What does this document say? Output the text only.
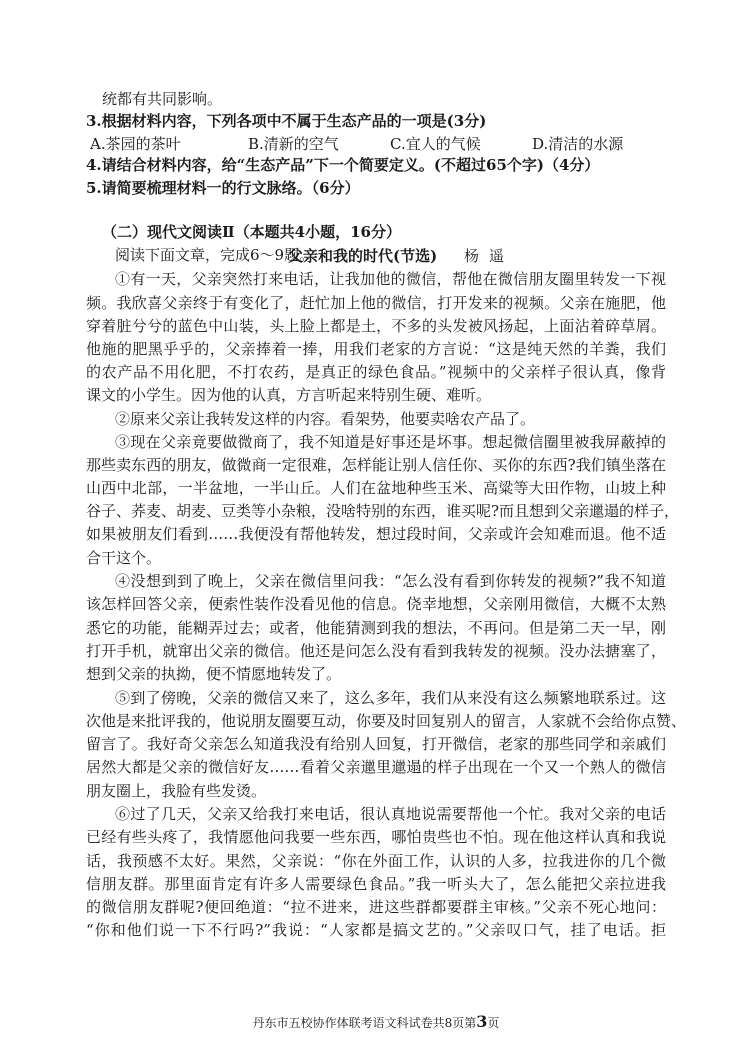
统都有共同影响。
3.根据材料内容，下列各项中不属于生态产品的一项是(3分)
A.茶园的茶叶	B.清新的空气	C.宜人的气候	D.清洁的水源
4.请结合材料内容，给“生态产品”下一个简要定义。(不超过65个字)（4分）
5.请简要梳理材料一的行文脉络。（6分）
（二）现代文阅读Ⅱ（本题共4小题，16分）
阅读下面文章，完成6～9题。
父亲和我的时代(节选) 杨遥
①有一天，父亲突然打来电话，让我加他的微信，帮他在微信朋友圈里转发一下视
频。我欣喜父亲终于有变化了，赶忙加上他的微信，打开发来的视频。父亲在施肥，他
穿着脏兮兮的蓝色中山装，头上脸上都是土，不多的头发被风扬起，上面沾着碎草屑。
他施的肥黑乎乎的，父亲捧着一捧，用我们老家的方言说：“这是纯天然的羊粪，我们
的农产品不用化肥，不打农药，是真正的绿色食品。”视频中的父亲样子很认真，像背
课文的小学生。因为他的认真，方言听起来特别生硬、难听。
②原来父亲让我转发这样的内容。看架势，他要卖啥农产品了。
③现在父亲竟要做微商了，我不知道是好事还是坏事。想起微信圈里被我屏蔽掉的
那些卖东西的朋友，做微商一定很难，怎样能让别人信任你、买你的东西?我们镇坐落在
山西中北部，一半盆地，一半山丘。人们在盆地种些玉米、高粱等大田作物，山坡上种
谷子、荞麦、胡麦、豆类等小杂粮，没啥特别的东西，谁买呢?而且想到父亲邋遢的样子，
如果被朋友们看到……我便没有帮他转发，想过段时间，父亲或许会知难而退。他不适
合干这个。
④没想到到了晚上，父亲在微信里问我：“怎么没有看到你转发的视频?”我不知道
该怎样回答父亲，便索性装作没看见他的信息。侥幸地想，父亲刚用微信，大概不太熟
悉它的功能，能糊弄过去；或者，他能猜测到我的想法，不再问。但是第二天一早，刚
打开手机，就窜出父亲的微信。他还是问怎么没有看到我转发的视频。没办法搪塞了，
想到父亲的执拗，便不情愿地转发了。
⑤到了傍晚，父亲的微信又来了，这么多年，我们从来没有这么频繁地联系过。这
次他是来批评我的，他说朋友圈要互动，你要及时回复别人的留言，人家就不会给你点赞、
留言了。我好奇父亲怎么知道我没有给别人回复，打开微信，老家的那些同学和亲戚们
居然大都是父亲的微信好友……看着父亲邋里邋遢的样子出现在一个又一个熟人的微信
朋友圈上，我脸有些发烫。
⑥过了几天，父亲又给我打来电话，很认真地说需要帮他一个忙。我对父亲的电话
已经有些头疼了，我情愿他问我要一些东西，哪怕贵些也不怕。现在他这样认真和我说
话，我预感不太好。果然，父亲说：“你在外面工作，认识的人多，拉我进你的几个微
信朋友群。那里面肯定有许多人需要绿色食品。”我一听头大了，怎么能把父亲拉进我
的微信朋友群呢?便回绝道：“拉不进来，进这些群都要群主审核。”父亲不死心地问：
“你和他们说一下不行吗?”我说：“人家都是搞文艺的。”父亲叹口气，挂了电话。拒
丹东市五校协作体联考语文科试卷共8页第3页
